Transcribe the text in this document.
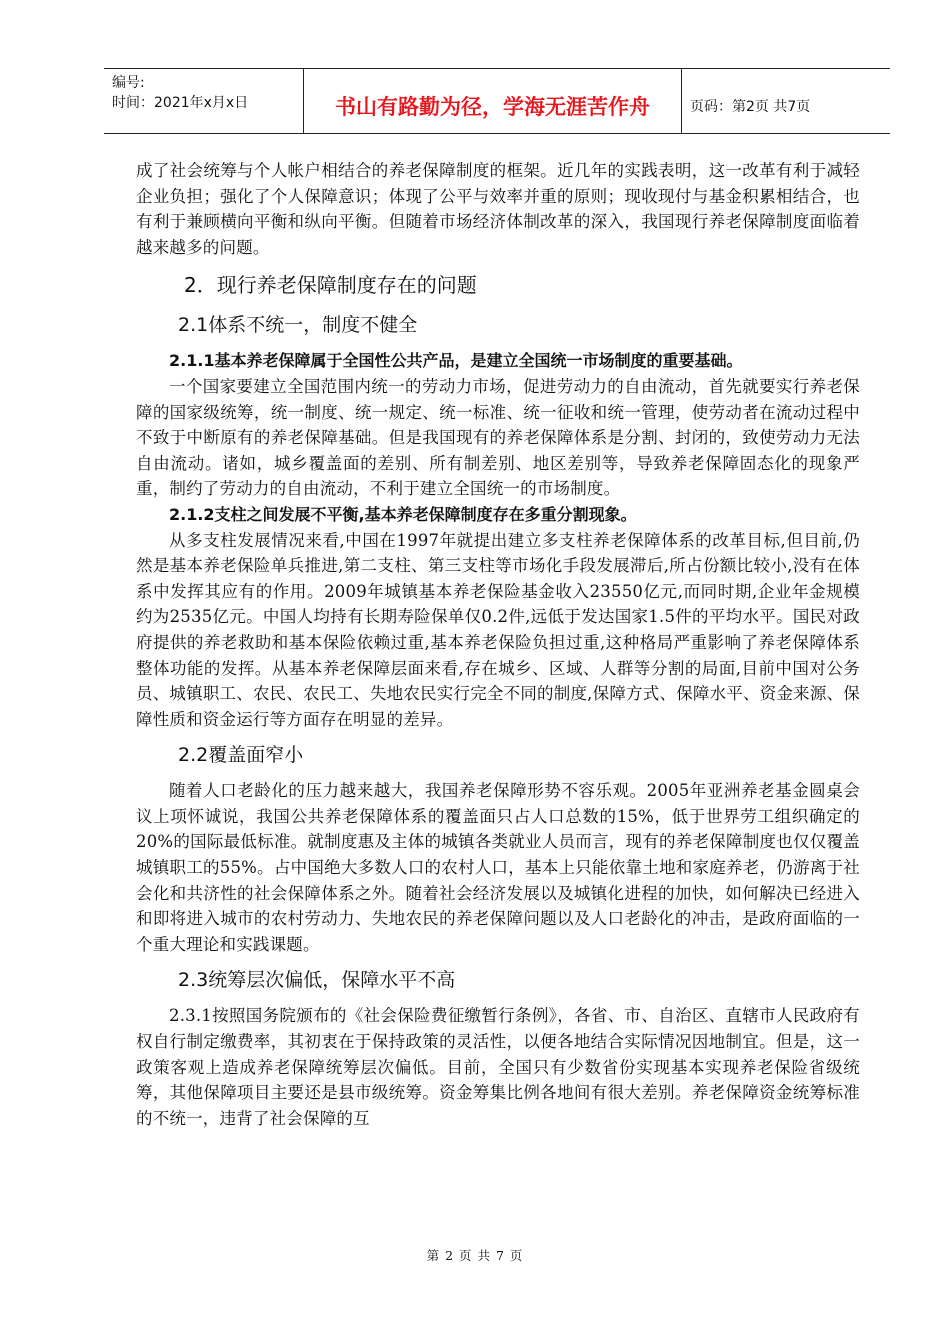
编号:
时间：2021年x月x日	书山有路勤为径，学海无涯苦作舟	页码：第2页 共7页

成了社会统筹与个人帐户相结合的养老保障制度的框架。近几年的实践表明，这一改革有利于减轻企业负担；强化了个人保障意识；体现了公平与效率并重的原则；现收现付与基金积累相结合，也有利于兼顾横向平衡和纵向平衡。但随着市场经济体制改革的深入，我国现行养老保障制度面临着越来越多的问题。

2．现行养老保障制度存在的问题
2.1体系不统一，制度不健全
2.1.1基本养老保障属于全国性公共产品，是建立全国统一市场制度的重要基础。

一个国家要建立全国范围内统一的劳动力市场，促进劳动力的自由流动，首先就要实行养老保障的国家级统筹，统一制度、统一规定、统一标准、统一征收和统一管理，使劳动者在流动过程中不致于中断原有的养老保障基础。但是我国现有的养老保障体系是分割、封闭的，致使劳动力无法自由流动。诸如，城乡覆盖面的差别、所有制差别、地区差别等，导致养老保障固态化的现象严重，制约了劳动力的自由流动，不利于建立全国统一的市场制度。

2.1.2支柱之间发展不平衡,基本养老保障制度存在多重分割现象。

从多支柱发展情况来看,中国在1997年就提出建立多支柱养老保障体系的改革目标,但目前,仍然是基本养老保险单兵推进,第二支柱、第三支柱等市场化手段发展滞后,所占份额比较小,没有在体系中发挥其应有的作用。2009年城镇基本养老保险基金收入23550亿元,而同时期,企业年金规模约为2535亿元。中国人均持有长期寿险保单仅0.2件,远低于发达国家1.5件的平均水平。国民对政府提供的养老救助和基本保险依赖过重,基本养老保险负担过重,这种格局严重影响了养老保障体系整体功能的发挥。从基本养老保障层面来看,存在城乡、区域、人群等分割的局面,目前中国对公务员、城镇职工、农民、农民工、失地农民实行完全不同的制度,保障方式、保障水平、资金来源、保障性质和资金运行等方面存在明显的差异。

2.2覆盖面窄小

随着人口老龄化的压力越来越大，我国养老保障形势不容乐观。2005年亚洲养老基金圆桌会议上项怀诚说，我国公共养老保障体系的覆盖面只占人口总数的15%，低于世界劳工组织确定的20%的国际最低标准。就制度惠及主体的城镇各类就业人员而言，现有的养老保障制度也仅仅覆盖城镇职工的55%。占中国绝大多数人口的农村人口，基本上只能依靠土地和家庭养老，仍游离于社会化和共济性的社会保障体系之外。随着社会经济发展以及城镇化进程的加快，如何解决已经进入和即将进入城市的农村劳动力、失地农民的养老保障问题以及人口老龄化的冲击，是政府面临的一个重大理论和实践课题。

2.3统筹层次偏低，保障水平不高

2.3.1按照国务院颁布的《社会保险费征缴暂行条例》，各省、市、自治区、直辖市人民政府有权自行制定缴费率，其初衷在于保持政策的灵活性，以便各地结合实际情况因地制宜。但是，这一政策客观上造成养老保障统筹层次偏低。目前，全国只有少数省份实现基本实现养老保险省级统筹，其他保障项目主要还是县市级统筹。资金筹集比例各地间有很大差别。养老保障资金统筹标准的不统一，违背了社会保障的互

第 2 页 共 7 页
